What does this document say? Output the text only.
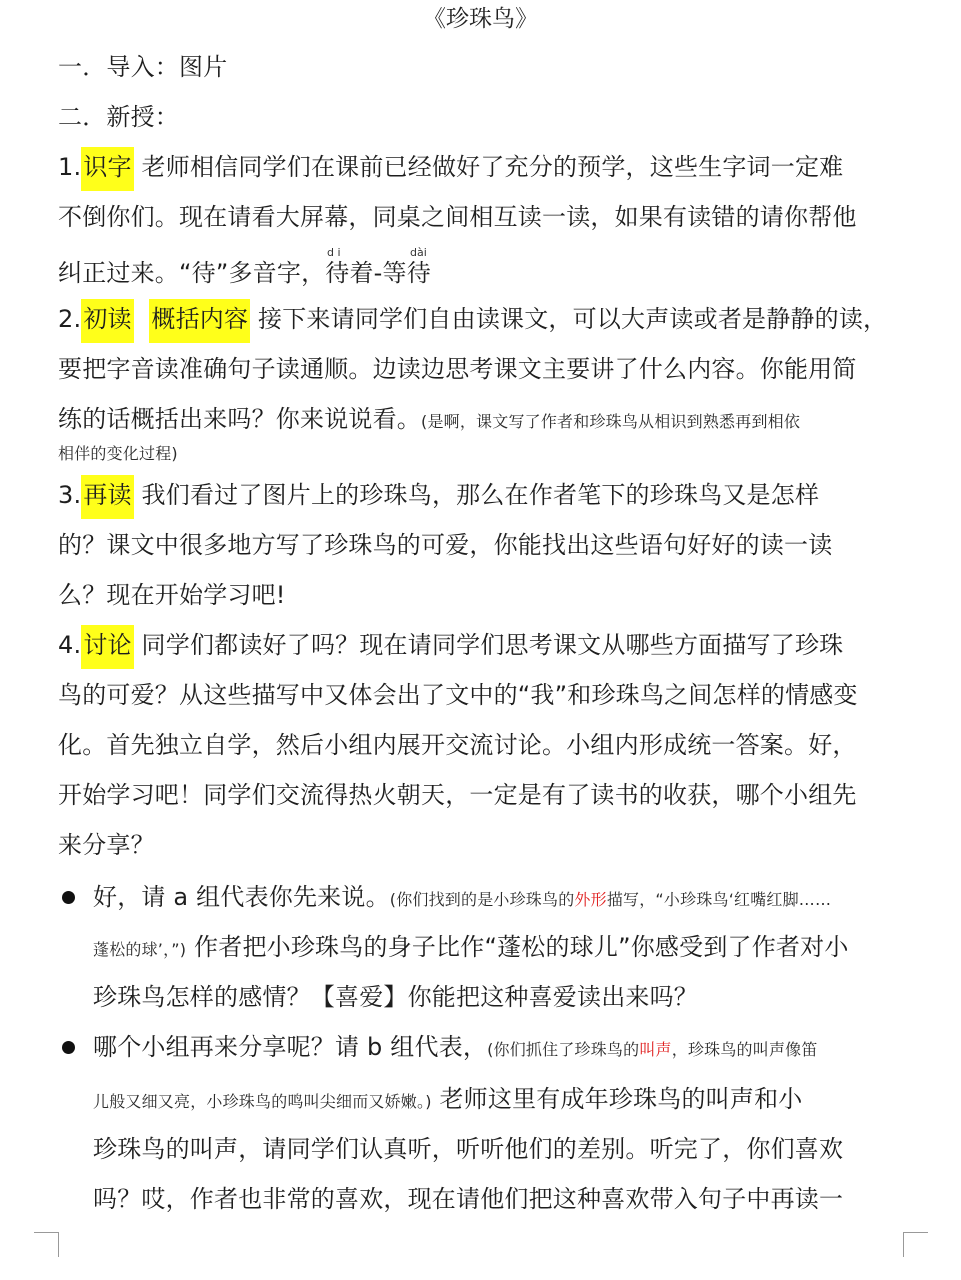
《珍珠鸟》
一．导入：图片
二．新授：
1.识字 老师相信同学们在课前已经做好了充分的预学，这些生字词一定难
不倒你们。现在请看大屏幕，同桌之间相互读一读，如果有读错的请你帮他
纠正过来。“待”多音字，待着-等待
d i	dài
2.初读 概括内容 接下来请同学们自由读课文，可以大声读或者是静静的读，
要把字音读准确句子读通顺。边读边思考课文主要讲了什么内容。你能用简
练的话概括出来吗？你来说说看。(是啊，课文写了作者和珍珠鸟从相识到熟悉再到相依
相伴的变化过程)
3.再读 我们看过了图片上的珍珠鸟，那么在作者笔下的珍珠鸟又是怎样
的？课文中很多地方写了珍珠鸟的可爱，你能找出这些语句好好的读一读
么？现在开始学习吧!
4.讨论 同学们都读好了吗？现在请同学们思考课文从哪些方面描写了珍珠
鸟的可爱？从这些描写中又体会出了文中的“我”和珍珠鸟之间怎样的情感变
化。首先独立自学，然后小组内展开交流讨论。小组内形成统一答案。好，
开始学习吧！同学们交流得热火朝天，一定是有了读书的收获，哪个小组先
来分享？
好，请 a 组代表你先来说。(你们找到的是小珍珠鸟的外形描写，“小珍珠鸟‘红嘴红脚……
蓬松的球’，”) 作者把小珍珠鸟的身子比作“蓬松的球儿”你感受到了作者对小
珍珠鸟怎样的感情？【喜爱】你能把这种喜爱读出来吗？
哪个小组再来分享呢？请 b 组代表，(你们抓住了珍珠鸟的叫声，珍珠鸟的叫声像笛
儿般又细又亮，小珍珠鸟的鸣叫尖细而又娇嫩。) 老师这里有成年珍珠鸟的叫声和小
珍珠鸟的叫声，请同学们认真听，听听他们的差别。听完了，你们喜欢
吗？哎，作者也非常的喜欢，现在请他们把这种喜欢带入句子中再读一
